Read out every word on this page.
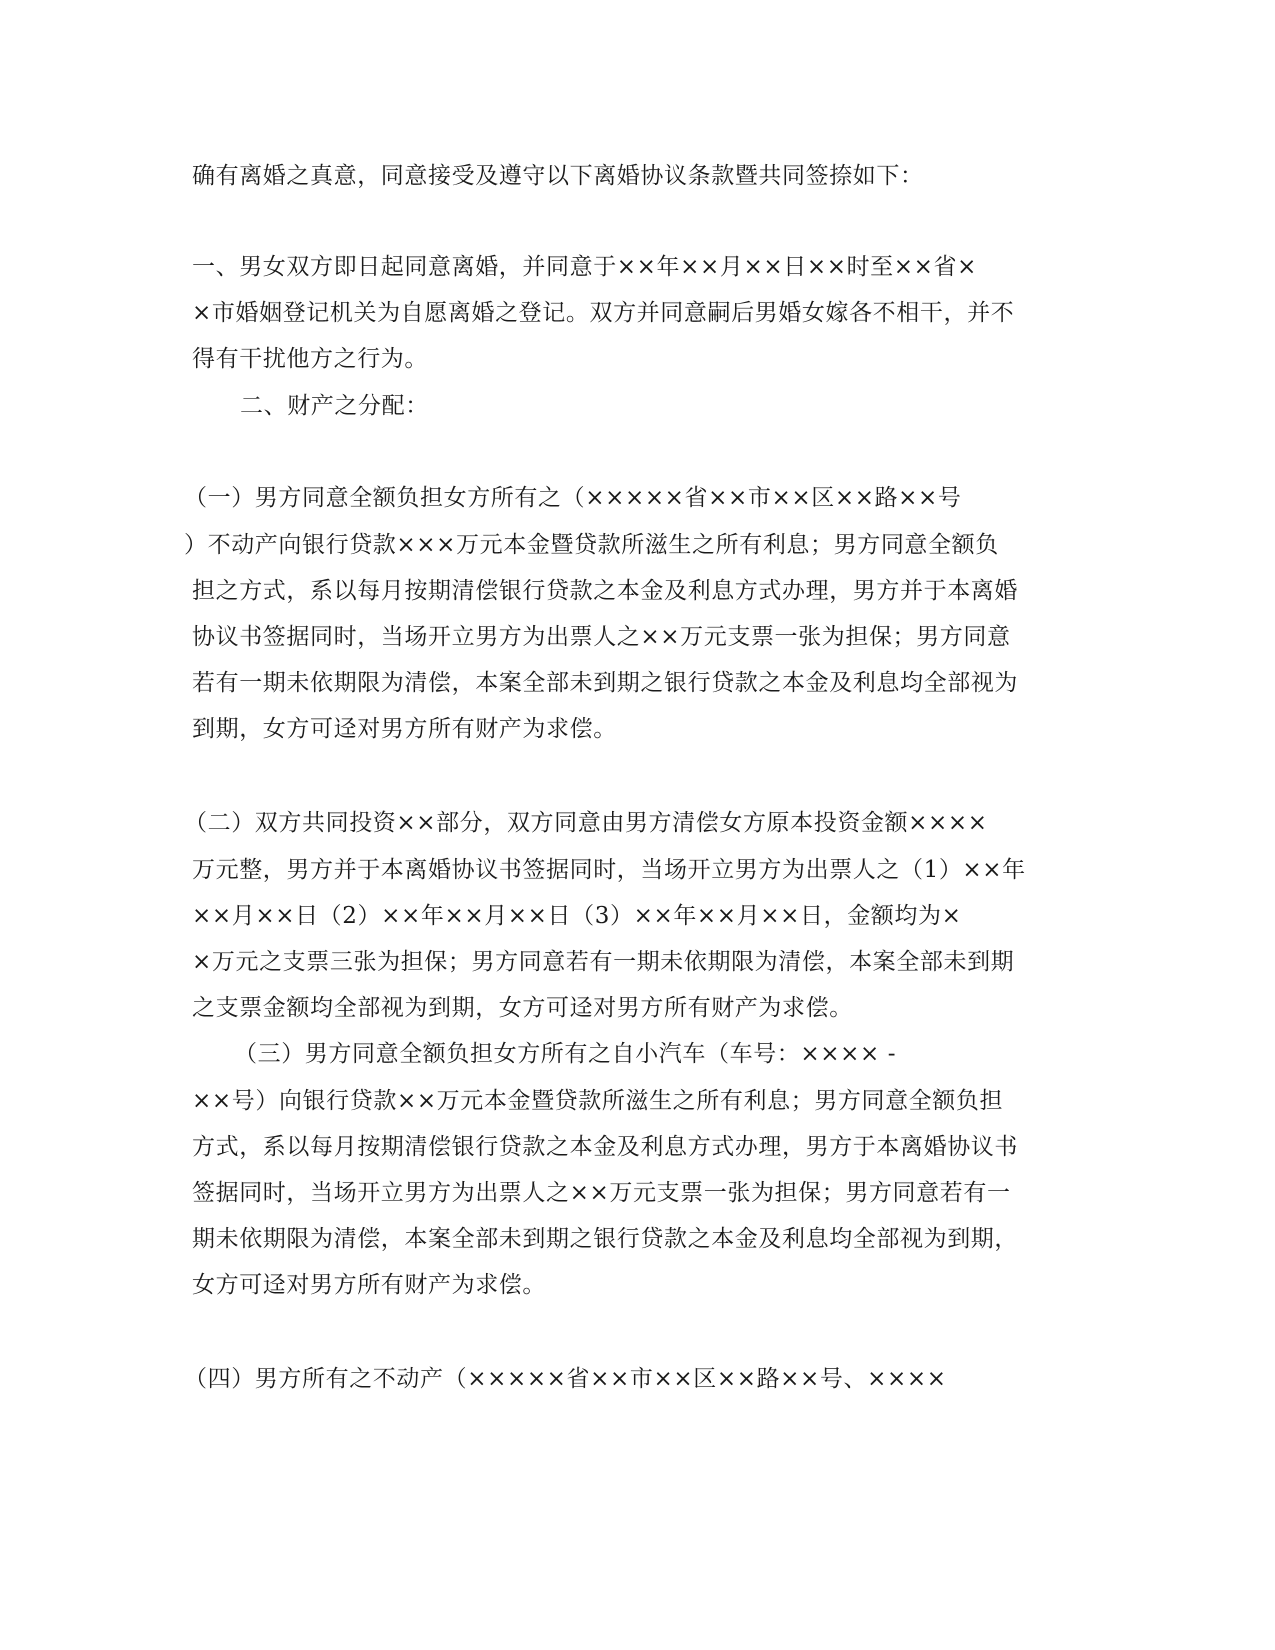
确有离婚之真意，同意接受及遵守以下离婚协议条款暨共同签捺如下：
一、男女双方即日起同意离婚，并同意于××年××月××日××时至××省×
×市婚姻登记机关为自愿离婚之登记。双方并同意嗣后男婚女嫁各不相干，并不
得有干扰他方之行为。
二、财产之分配：
（一）男方同意全额负担女方所有之（×××××省××市××区××路××号
）不动产向银行贷款×××万元本金暨贷款所滋生之所有利息；男方同意全额负
担之方式，系以每月按期清偿银行贷款之本金及利息方式办理，男方并于本离婚
协议书签据同时，当场开立男方为出票人之××万元支票一张为担保；男方同意
若有一期未依期限为清偿，本案全部未到期之银行贷款之本金及利息均全部视为
到期，女方可迳对男方所有财产为求偿。
（二）双方共同投资××部分，双方同意由男方清偿女方原本投资金额××××
万元整，男方并于本离婚协议书签据同时，当场开立男方为出票人之（1）××年
××月××日（2）××年××月××日（3）××年××月××日，金额均为×
×万元之支票三张为担保；男方同意若有一期未依期限为清偿，本案全部未到期
之支票金额均全部视为到期，女方可迳对男方所有财产为求偿。
（三）男方同意全额负担女方所有之自小汽车（车号：×××× -
××号）向银行贷款××万元本金暨贷款所滋生之所有利息；男方同意全额负担
方式，系以每月按期清偿银行贷款之本金及利息方式办理，男方于本离婚协议书
签据同时，当场开立男方为出票人之××万元支票一张为担保；男方同意若有一
期未依期限为清偿，本案全部未到期之银行贷款之本金及利息均全部视为到期，
女方可迳对男方所有财产为求偿。
（四）男方所有之不动产（×××××省××市××区××路××号、××××
